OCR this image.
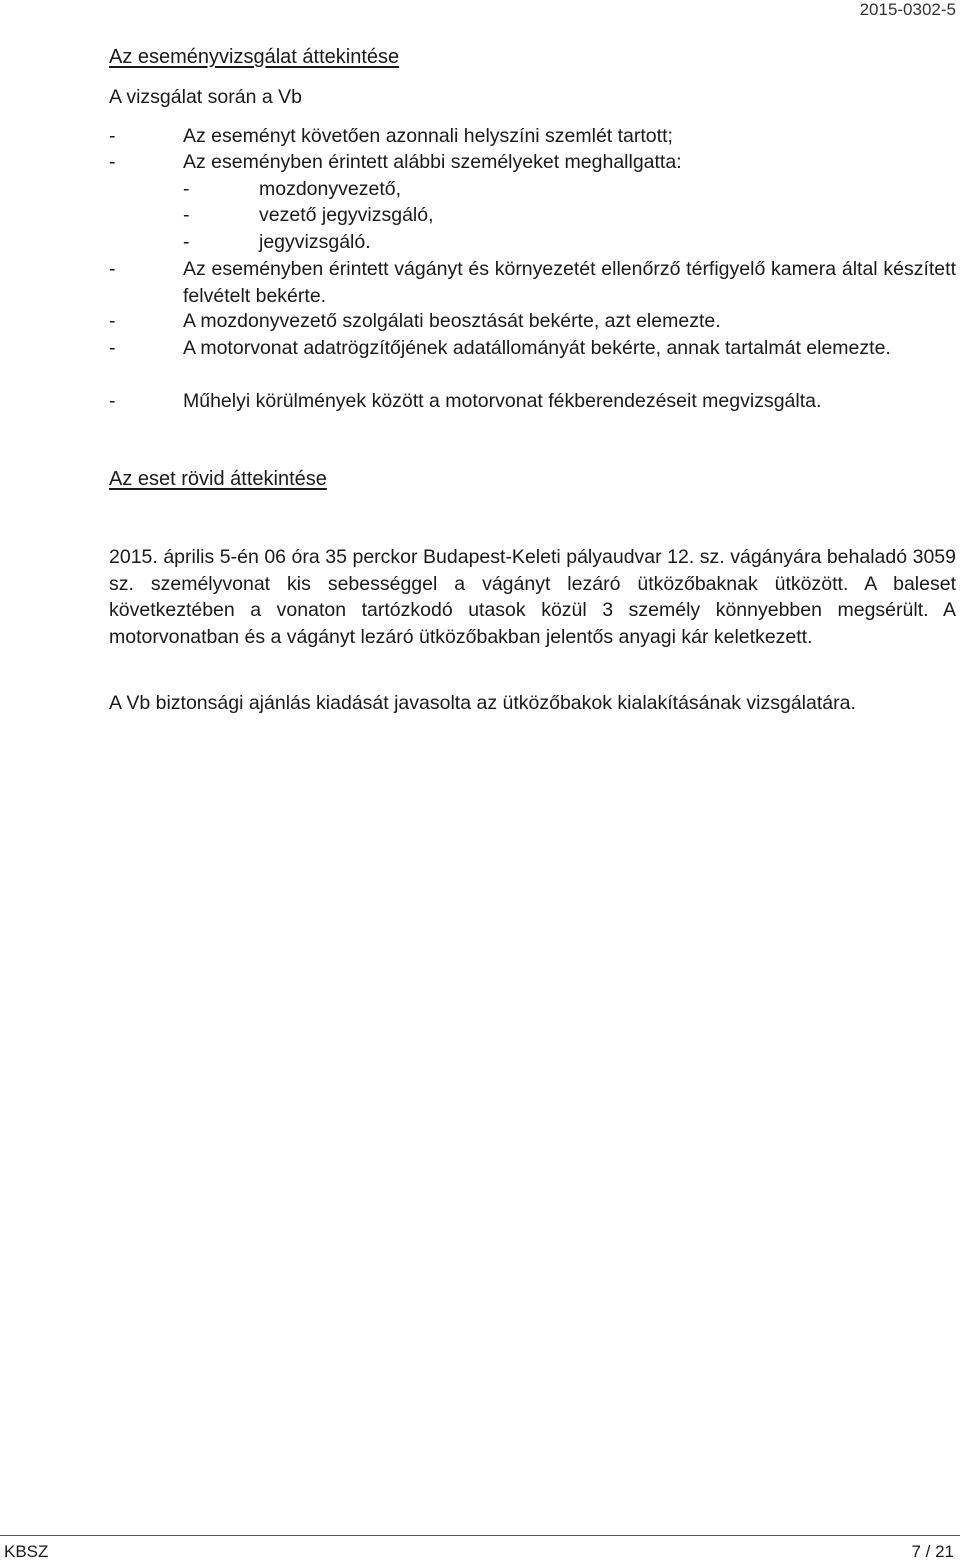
2015-0302-5
Az eseményvizsgálat áttekintése

A vizsgálat során a Vb

-	Az eseményt követően azonnali helyszíni szemlét tartott;
-	Az eseményben érintett alábbi személyeket meghallgatta:
-	mozdonyvezető,
-	vezető jegyvizsgáló,
-	jegyvizsgáló.
-	Az eseményben érintett vágányt és környezetét ellenőrző térfigyelő kamera által készített felvételt bekérte.
-	A mozdonyvezető szolgálati beosztását bekérte, azt elemezte.
-	A motorvonat adatrögzítőjének adatállományát bekérte, annak tartalmát elemezte.
-	Műhelyi körülmények között a motorvonat fékberendezéseit megvizsgálta.
Az eset rövid áttekintése

2015. április 5-én 06 óra 35 perckor Budapest-Keleti pályaudvar 12. sz. vágányára behaladó 3059 sz. személyvonat kis sebességgel a vágányt lezáró ütközőbaknak ütközött. A baleset következtében a vonaton tartózkodó utasok közül 3 személy könnyebben megsérült. A motorvonatban és a vágányt lezáró ütközőbakban jelentős anyagi kár keletkezett.

A Vb biztonsági ajánlás kiadását javasolta az ütközőbakok kialakításának vizsgálatára.

KBSZ	7 / 21
